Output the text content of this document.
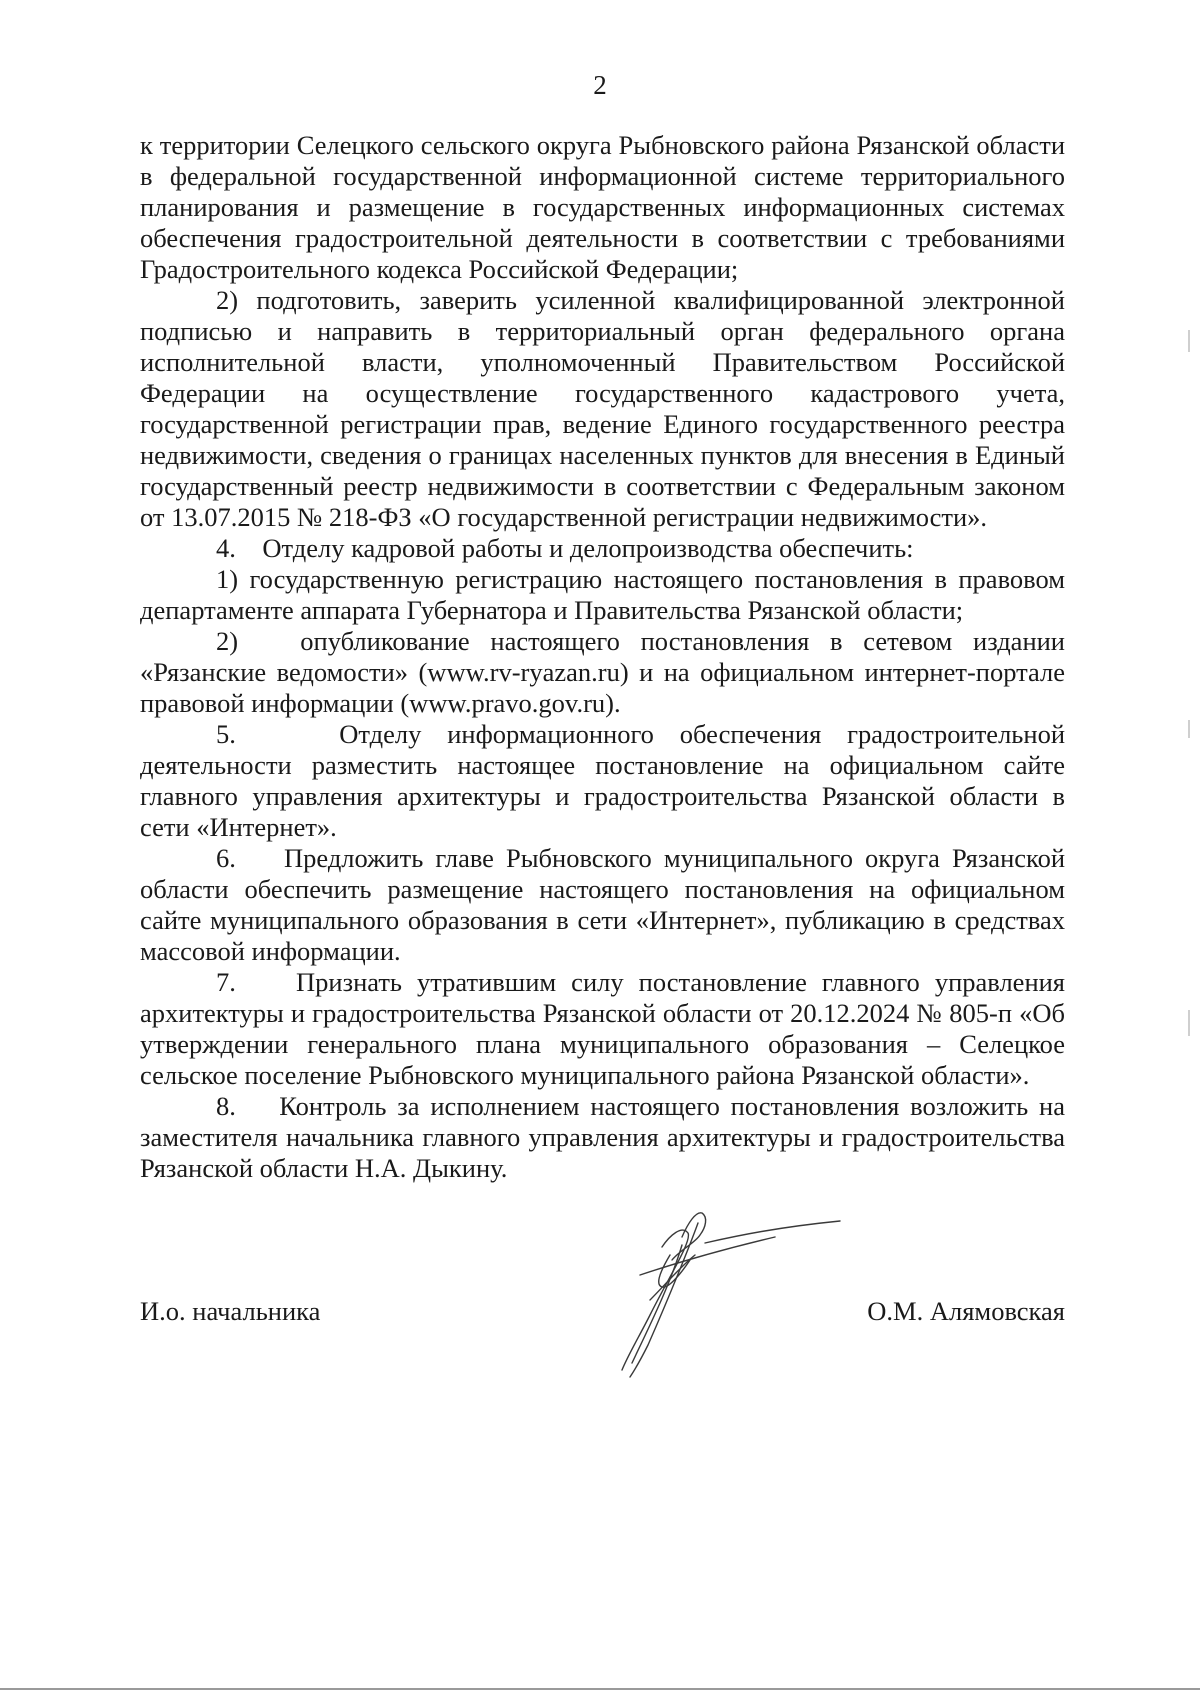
2

к территории Селецкого сельского округа Рыбновского района Рязанской области в федеральной государственной информационной системе территориального планирования и размещение в государственных информационных системах обеспечения градостроительной деятельности в соответствии с требованиями Градостроительного кодекса Российской Федерации;

2) подготовить, заверить усиленной квалифицированной электронной подписью и направить в территориальный орган федерального органа исполнительной власти, уполномоченный Правительством Российской Федерации на осуществление государственного кадастрового учета, государственной регистрации прав, ведение Единого государственного реестра недвижимости, сведения о границах населенных пунктов для внесения в Единый государственный реестр недвижимости в соответствии с Федеральным законом от 13.07.2015 № 218-ФЗ «О государственной регистрации недвижимости».

4.    Отделу кадровой работы и делопроизводства обеспечить:

1) государственную регистрацию настоящего постановления в правовом департаменте аппарата Губернатора и Правительства Рязанской области;

2)   опубликование настоящего постановления в сетевом издании «Рязанские ведомости» (www.rv-ryazan.ru) и на официальном интернет-портале правовой информации (www.pravo.gov.ru).

5.    Отделу информационного обеспечения градостроительной деятельности разместить настоящее постановление на официальном сайте главного управления архитектуры и градостроительства Рязанской области в сети «Интернет».

6.    Предложить главе Рыбновского муниципального округа Рязанской области обеспечить размещение настоящего постановления на официальном сайте муниципального образования в сети «Интернет», публикацию в средствах массовой информации.

7.    Признать утратившим силу постановление главного управления архитектуры и градостроительства Рязанской области от 20.12.2024 № 805-п «Об утверждении генерального плана муниципального образования – Селецкое сельское поселение Рыбновского муниципального района Рязанской области».

8.    Контроль за исполнением настоящего постановления возложить на заместителя начальника главного управления архитектуры и градостроительства Рязанской области Н.А. Дыкину.

И.о. начальника	О.М. Алямовская
